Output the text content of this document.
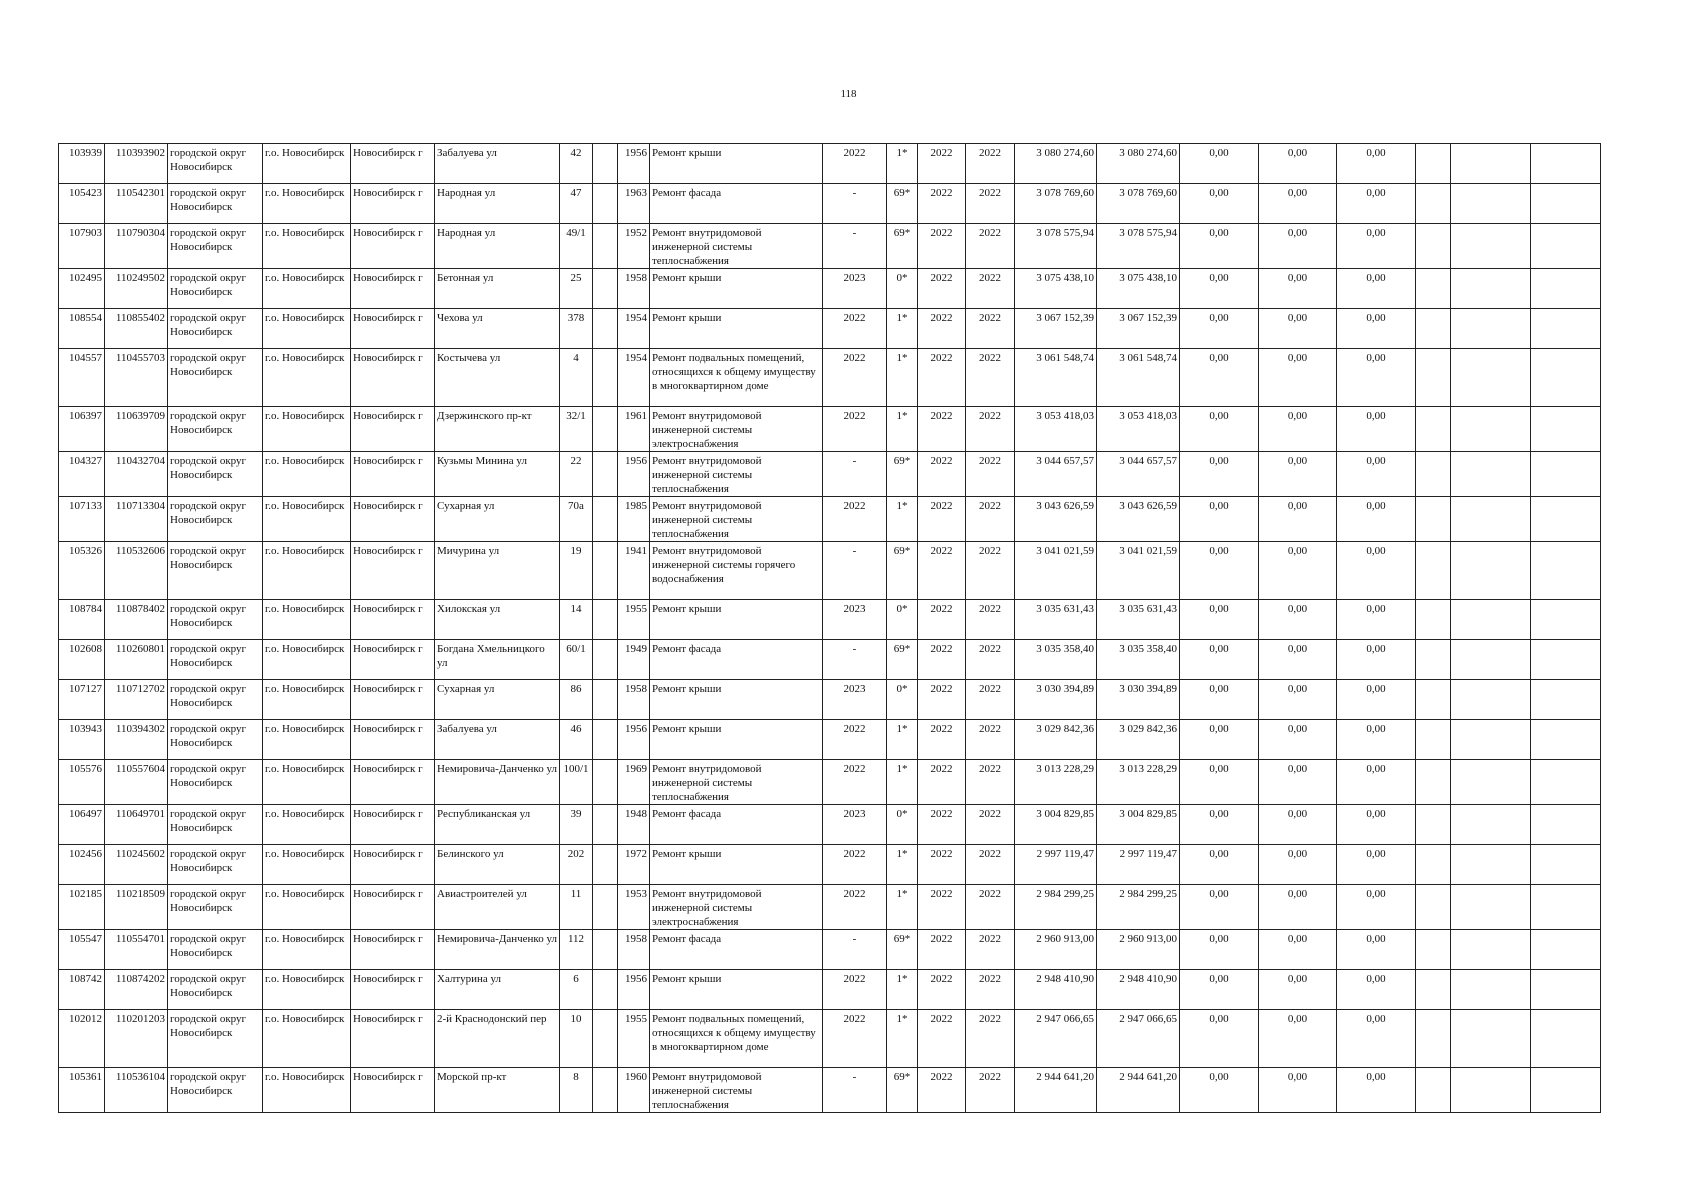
118
103939	110393902	городской округ Новосибирск	г.о. Новосибирск	Новосибирск г	Забалуева ул	42		1956	Ремонт крыши	2022	1*	2022	2022	3 080 274,60	3 080 274,60	0,00	0,00	0,00			
105423	110542301	городской округ Новосибирск	г.о. Новосибирск	Новосибирск г	Народная ул	47		1963	Ремонт фасада	-	69*	2022	2022	3 078 769,60	3 078 769,60	0,00	0,00	0,00			
107903	110790304	городской округ Новосибирск	г.о. Новосибирск	Новосибирск г	Народная ул	49/1		1952	Ремонт внутридомовой инженерной системы теплоснабжения	-	69*	2022	2022	3 078 575,94	3 078 575,94	0,00	0,00	0,00			
102495	110249502	городской округ Новосибирск	г.о. Новосибирск	Новосибирск г	Бетонная ул	25		1958	Ремонт крыши	2023	0*	2022	2022	3 075 438,10	3 075 438,10	0,00	0,00	0,00			
108554	110855402	городской округ Новосибирск	г.о. Новосибирск	Новосибирск г	Чехова ул	378		1954	Ремонт крыши	2022	1*	2022	2022	3 067 152,39	3 067 152,39	0,00	0,00	0,00			
104557	110455703	городской округ Новосибирск	г.о. Новосибирск	Новосибирск г	Костычева ул	4		1954	Ремонт подвальных помещений, относящихся к общему имуществу в многоквартирном доме	2022	1*	2022	2022	3 061 548,74	3 061 548,74	0,00	0,00	0,00			
106397	110639709	городской округ Новосибирск	г.о. Новосибирск	Новосибирск г	Дзержинского пр-кт	32/1		1961	Ремонт внутридомовой инженерной системы электроснабжения	2022	1*	2022	2022	3 053 418,03	3 053 418,03	0,00	0,00	0,00			
104327	110432704	городской округ Новосибирск	г.о. Новосибирск	Новосибирск г	Кузьмы Минина ул	22		1956	Ремонт внутридомовой инженерной системы теплоснабжения	-	69*	2022	2022	3 044 657,57	3 044 657,57	0,00	0,00	0,00			
107133	110713304	городской округ Новосибирск	г.о. Новосибирск	Новосибирск г	Сухарная ул	70а		1985	Ремонт внутридомовой инженерной системы теплоснабжения	2022	1*	2022	2022	3 043 626,59	3 043 626,59	0,00	0,00	0,00			
105326	110532606	городской округ Новосибирск	г.о. Новосибирск	Новосибирск г	Мичурина ул	19		1941	Ремонт внутридомовой инженерной системы горячего водоснабжения	-	69*	2022	2022	3 041 021,59	3 041 021,59	0,00	0,00	0,00			
108784	110878402	городской округ Новосибирск	г.о. Новосибирск	Новосибирск г	Хилокская ул	14		1955	Ремонт крыши	2023	0*	2022	2022	3 035 631,43	3 035 631,43	0,00	0,00	0,00			
102608	110260801	городской округ Новосибирск	г.о. Новосибирск	Новосибирск г	Богдана Хмельницкого ул	60/1		1949	Ремонт фасада	-	69*	2022	2022	3 035 358,40	3 035 358,40	0,00	0,00	0,00			
107127	110712702	городской округ Новосибирск	г.о. Новосибирск	Новосибирск г	Сухарная ул	86		1958	Ремонт крыши	2023	0*	2022	2022	3 030 394,89	3 030 394,89	0,00	0,00	0,00			
103943	110394302	городской округ Новосибирск	г.о. Новосибирск	Новосибирск г	Забалуева ул	46		1956	Ремонт крыши	2022	1*	2022	2022	3 029 842,36	3 029 842,36	0,00	0,00	0,00			
105576	110557604	городской округ Новосибирск	г.о. Новосибирск	Новосибирск г	Немировича-Данченко ул	100/1		1969	Ремонт внутридомовой инженерной системы теплоснабжения	2022	1*	2022	2022	3 013 228,29	3 013 228,29	0,00	0,00	0,00			
106497	110649701	городской округ Новосибирск	г.о. Новосибирск	Новосибирск г	Республиканская ул	39		1948	Ремонт фасада	2023	0*	2022	2022	3 004 829,85	3 004 829,85	0,00	0,00	0,00			
102456	110245602	городской округ Новосибирск	г.о. Новосибирск	Новосибирск г	Белинского ул	202		1972	Ремонт крыши	2022	1*	2022	2022	2 997 119,47	2 997 119,47	0,00	0,00	0,00			
102185	110218509	городской округ Новосибирск	г.о. Новосибирск	Новосибирск г	Авиастроителей ул	11		1953	Ремонт внутридомовой инженерной системы электроснабжения	2022	1*	2022	2022	2 984 299,25	2 984 299,25	0,00	0,00	0,00			
105547	110554701	городской округ Новосибирск	г.о. Новосибирск	Новосибирск г	Немировича-Данченко ул	112		1958	Ремонт фасада	-	69*	2022	2022	2 960 913,00	2 960 913,00	0,00	0,00	0,00			
108742	110874202	городской округ Новосибирск	г.о. Новосибирск	Новосибирск г	Халтурина ул	6		1956	Ремонт крыши	2022	1*	2022	2022	2 948 410,90	2 948 410,90	0,00	0,00	0,00			
102012	110201203	городской округ Новосибирск	г.о. Новосибирск	Новосибирск г	2-й Краснодонский пер	10		1955	Ремонт подвальных помещений, относящихся к общему имуществу в многоквартирном доме	2022	1*	2022	2022	2 947 066,65	2 947 066,65	0,00	0,00	0,00			
105361	110536104	городской округ Новосибирск	г.о. Новосибирск	Новосибирск г	Морской пр-кт	8		1960	Ремонт внутридомовой инженерной системы теплоснабжения	-	69*	2022	2022	2 944 641,20	2 944 641,20	0,00	0,00	0,00			
